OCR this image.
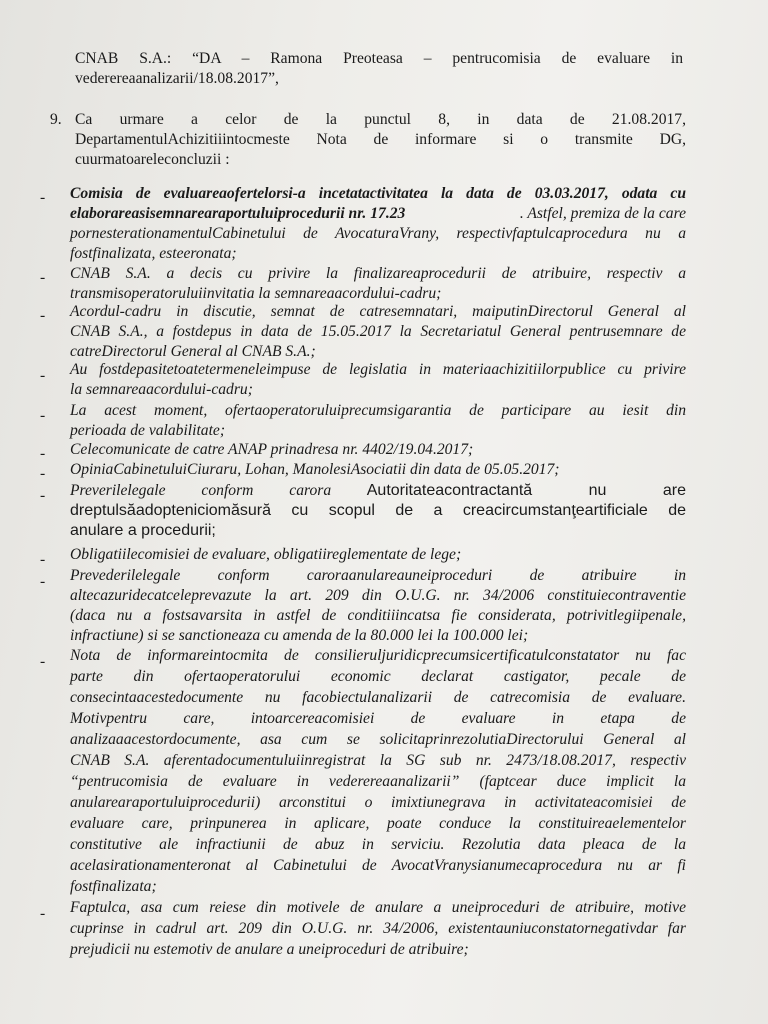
CNAB S.A.: “DA – Ramona Preoteasa – pentrucomisia de evaluare in
vederereaanalizarii/18.08.2017”,
9. Ca urmare a celor de la punctul 8, in data de 21.08.2017,
DepartamentulAchizitiiintocmeste Nota de informare si o transmite DG,
cuurmatoareleconcluzii :
- Comisia de evaluareaofertelorsi-a incetatactivitatea la data de 03.03.2017, odata cu
elaborareasisemnarearaportuluiprocedurii nr. 17.23	. Astfel, premiza de la care
pornesterationamentulCabinetului de AvocaturaVrany, respectivfaptulcaprocedura nu a
fostfinalizata, esteeronata;
- CNAB S.A. a decis cu privire la finalizareaprocedurii de atribuire, respectiv a
transmisoperatoruluiinvitatia la semnareaacordului-cadru;
- Acordul-cadru in discutie, semnat de catresemnatari, maiputinDirectorul General al
CNAB S.A., a fostdepus in data de 15.05.2017 la Secretariatul General pentrusemnare de
catreDirectorul General al CNAB S.A.;
- Au fostdepasitetoatetermeneleimpuse de legislatia in materiaachizitiilorpublice cu privire
la semnareaacordului-cadru;
- La acest moment, ofertaoperatoruluiprecumsigarantia de participare au iesit din
perioada de valabilitate;
- Celecomunicate de catre ANAP prinadresa nr. 4402/19.04.2017;
- OpiniaCabinetuluiCiuraru, Lohan, ManolesiAsociatii din data de 05.05.2017;
- Preverilelegale conform carora Autoritateacontractantă nu are
dreptulsăadopteniciomăsură cu scopul de a creacircumstanţeartificiale de
anulare a procedurii;
- Obligatiilecomisiei de evaluare, obligatiireglementate de lege;
- Prevederilelegale conform caroraanulareauneiproceduri de atribuire in
altecazuridecatceleprevazute la art. 209 din O.U.G. nr. 34/2006 constituiecontraventie
(daca nu a fostsavarsita in astfel de conditiiincatsa fie considerata, potrivitlegiipenale,
infractiune) si se sanctioneaza cu amenda de la 80.000 lei la 100.000 lei;
- Nota de informareintocmita de consilieruljuridicprecumsicertificatulconstatator nu fac
parte din ofertaoperatorului economic declarat castigator, pecale de
consecintaacestedocumente nu facobiectulanalizarii de catrecomisia de evaluare.
Motivpentru care, intoarcereacomisiei de evaluare in etapa de
analizaaacestordocumente, asa cum se solicitaprinrezolutiaDirectorului General al
CNAB S.A. aferentadocumentuluiinregistrat la SG sub nr. 2473/18.08.2017, respectiv
“pentrucomisia de evaluare in vederereaanalizarii” (faptcear duce implicit la
anularearaportuluiprocedurii) arconstitui o imixtiunegrava in activitateacomisiei de
evaluare care, prinpunerea in aplicare, poate conduce la constituireaelementelor
constitutive ale infractiunii de abuz in serviciu. Rezolutia data pleaca de la
acelasirationamenteronat al Cabinetului de AvocatVranysianumecaprocedura nu ar fi
fostfinalizata;
- Faptulca, asa cum reiese din motivele de anulare a uneiproceduri de atribuire, motive
cuprinse in cadrul art. 209 din O.U.G. nr. 34/2006, existentauniuconstatornegativdar far
prejudicii nu estemotiv de anulare a uneiproceduri de atribuire;
